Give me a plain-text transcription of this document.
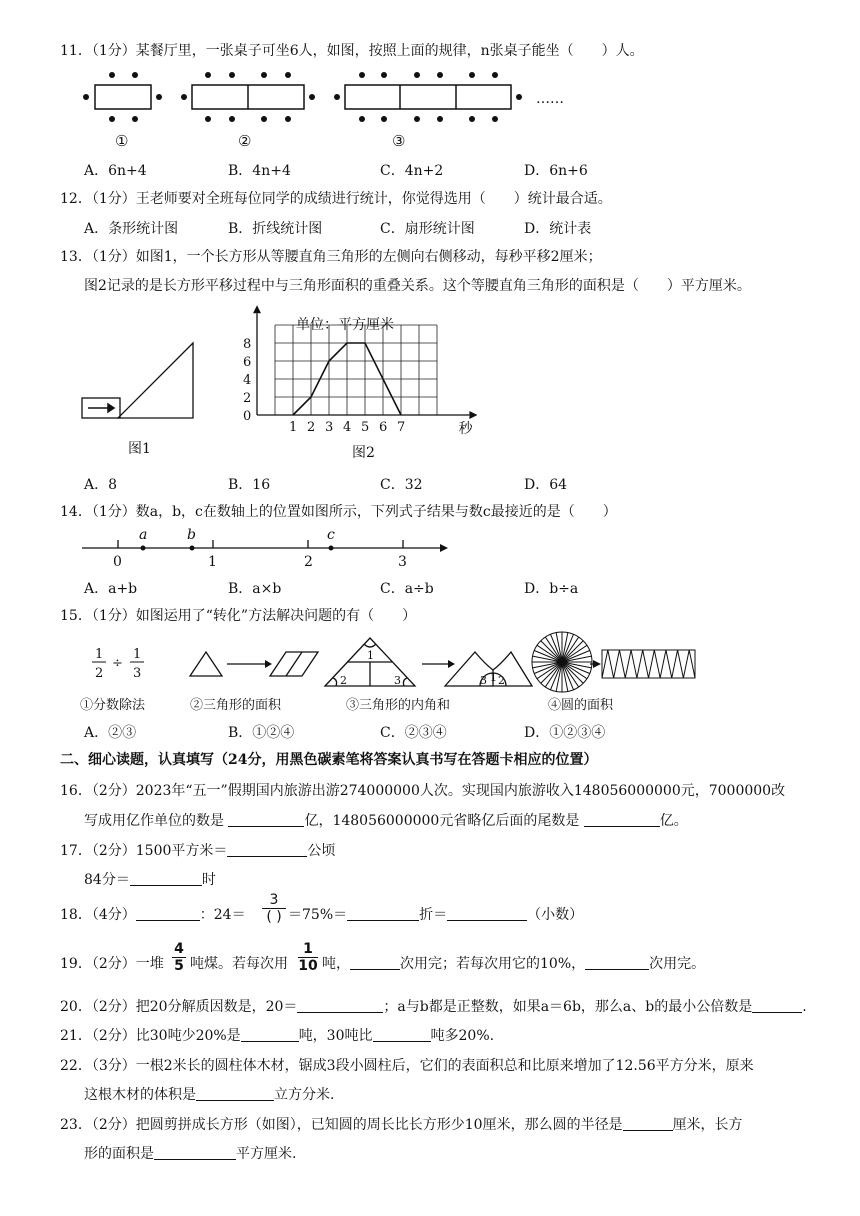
11．（1分）某餐厅里，一张桌子可坐6人，如图，按照上面的规律，n张桌子能坐（　　）人。
……
①	②	③
A．6n+4	B．4n+4	C．4n+2	D．6n+6
12．（1分）王老师要对全班每位同学的成绩进行统计，你觉得选用（　　）统计最合适。
A．条形统计图	B．折线统计图	C．扇形统计图	D．统计表
13．（1分）如图1，一个长方形从等腰直角三角形的左侧向右侧移动，每秒平移2厘米；
图2记录的是长方形平移过程中与三角形面积的重叠关系。这个等腰直角三角形的面积是（　　）平方厘米。
图1
1 2 3 4 5 6 7
0
2
4
6
8
秒
单位：平方厘米
图2
A．8	B．16	C．32	D．64
14．（1分）数a，b，c在数轴上的位置如图所示，下列式子结果与数c最接近的是（　　）
0	1	2	3
a	b	c
A．a+b	B．a×b	C．a÷b	D．b÷a
15．（1分）如图运用了“转化”方法解决问题的有（　　）
1
2
÷
1
3
1
2	3	3 1 2
①分数除法	②三角形的面积	③三角形的内角和	④圆的面积
A．②③	B．①②④	C．②③④	D．①②③④
二、细心读题，认真填写（24分，用黑色碳素笔将答案认真书写在答题卡相应的位置）
16．（2分）2023年“五一”假期国内旅游出游274000000人次。实现国内旅游收入148056000000元，7000000改
写成用亿作单位的数是	亿，148056000000元省略亿后面的尾数是	亿。
17．（2分）1500平方米＝	公顷
84分＝	时
18．（4分）	：24＝
3
( ) ＝75%＝	折＝	（小数）
19．（2分）一堆
4
5 吨煤。若每次用
1
10 吨，	次用完；若每次用它的10%，	次用完。
20．（2分）把20分解质因数是，20＝	；a与b都是正整数，如果a＝6b，那么a、b的最小公倍数是	.
21．（2分）比30吨少20%是	吨，30吨比	吨多20%.
22．（3分）一根2米长的圆柱体木材，锯成3段小圆柱后，它们的表面积总和比原来增加了12.56平方分米，原来
这根木材的体积是	立方分米.
23．（2分）把圆剪拼成长方形（如图），已知圆的周长比长方形少10厘米，那么圆的半径是	厘米，长方
形的面积是	平方厘米.
